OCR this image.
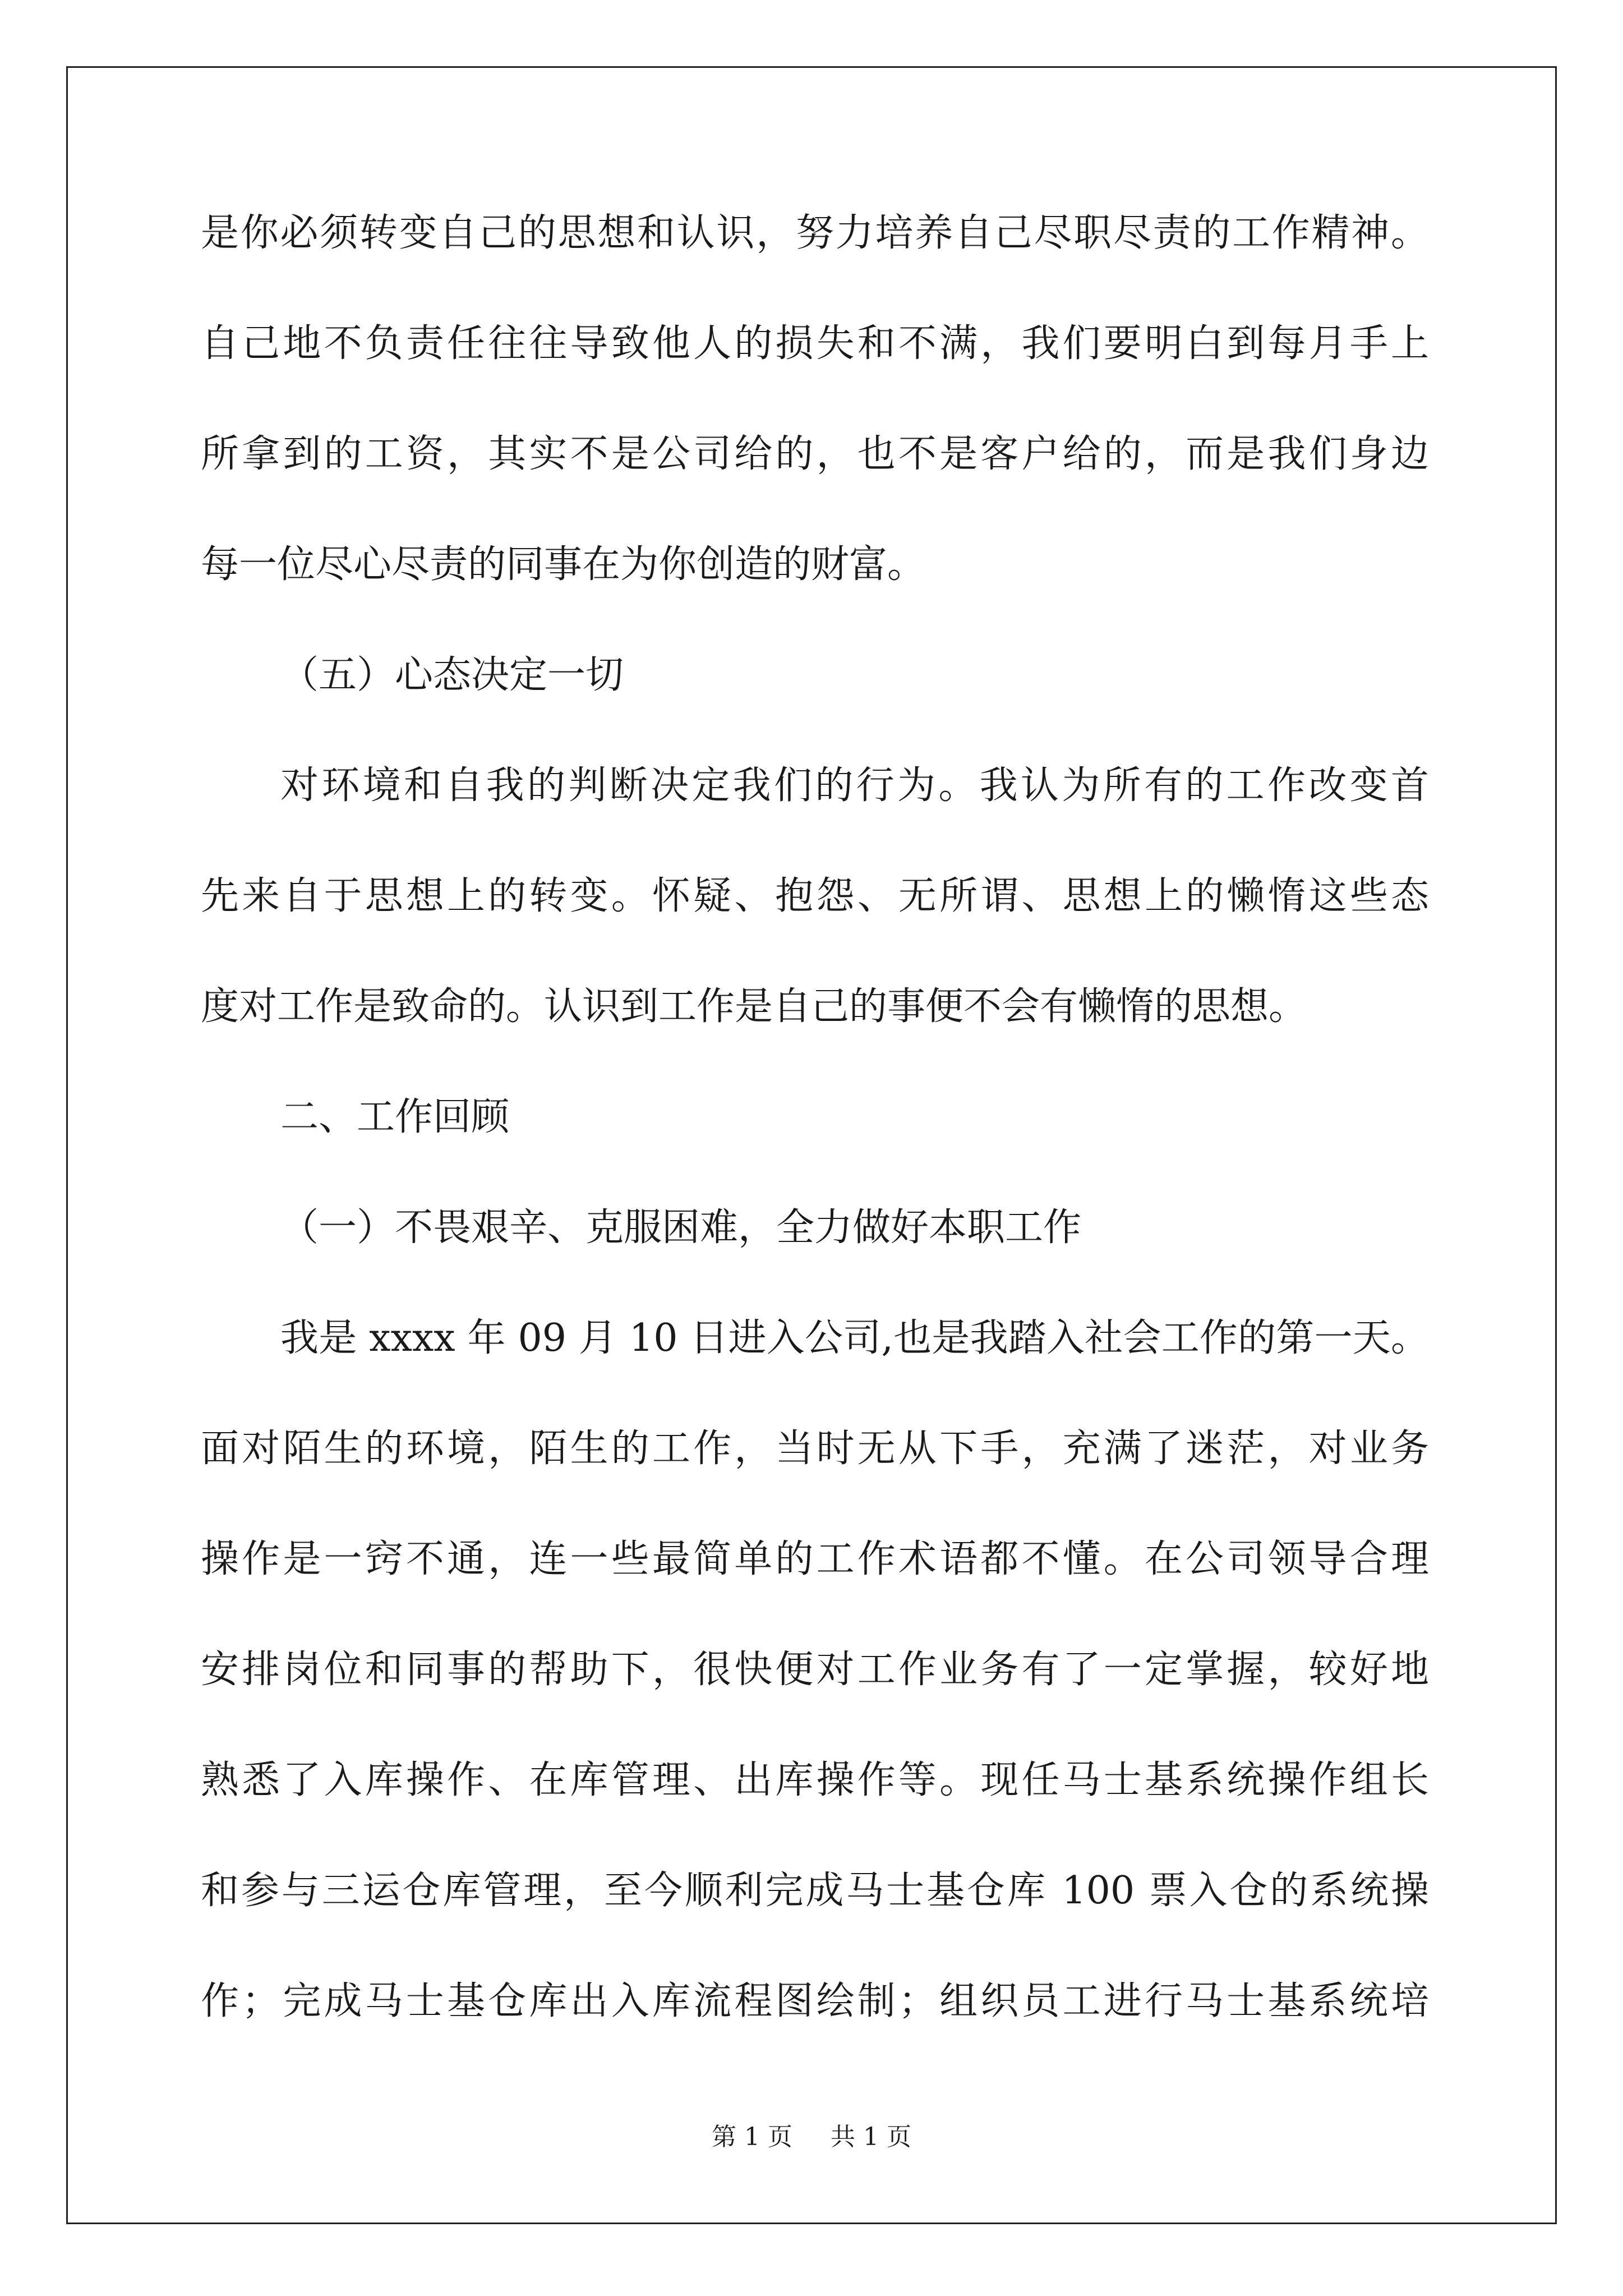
是你必须转变自己的思想和认识，努力培养自己尽职尽责的工作精神。
自己地不负责任往往导致他人的损失和不满，我们要明白到每月手上
所拿到的工资，其实不是公司给的，也不是客户给的，而是我们身边
每一位尽心尽责的同事在为你创造的财富。
（五）心态决定一切
对环境和自我的判断决定我们的行为。我认为所有的工作改变首
先来自于思想上的转变。怀疑、抱怨、无所谓、思想上的懒惰这些态
度对工作是致命的。认识到工作是自己的事便不会有懒惰的思想。
二、工作回顾
（一）不畏艰辛、克服困难，全力做好本职工作
我是 xxxx 年 09 月 10 日进入公司,也是我踏入社会工作的第一天。
面对陌生的环境，陌生的工作，当时无从下手，充满了迷茫，对业务
操作是一窍不通，连一些最简单的工作术语都不懂。在公司领导合理
安排岗位和同事的帮助下，很快便对工作业务有了一定掌握，较好地
熟悉了入库操作、在库管理、出库操作等。现任马士基系统操作组长
和参与三运仓库管理，至今顺利完成马士基仓库 100 票入仓的系统操
作；完成马士基仓库出入库流程图绘制；组织员工进行马士基系统培
第 1 页 共 1 页
